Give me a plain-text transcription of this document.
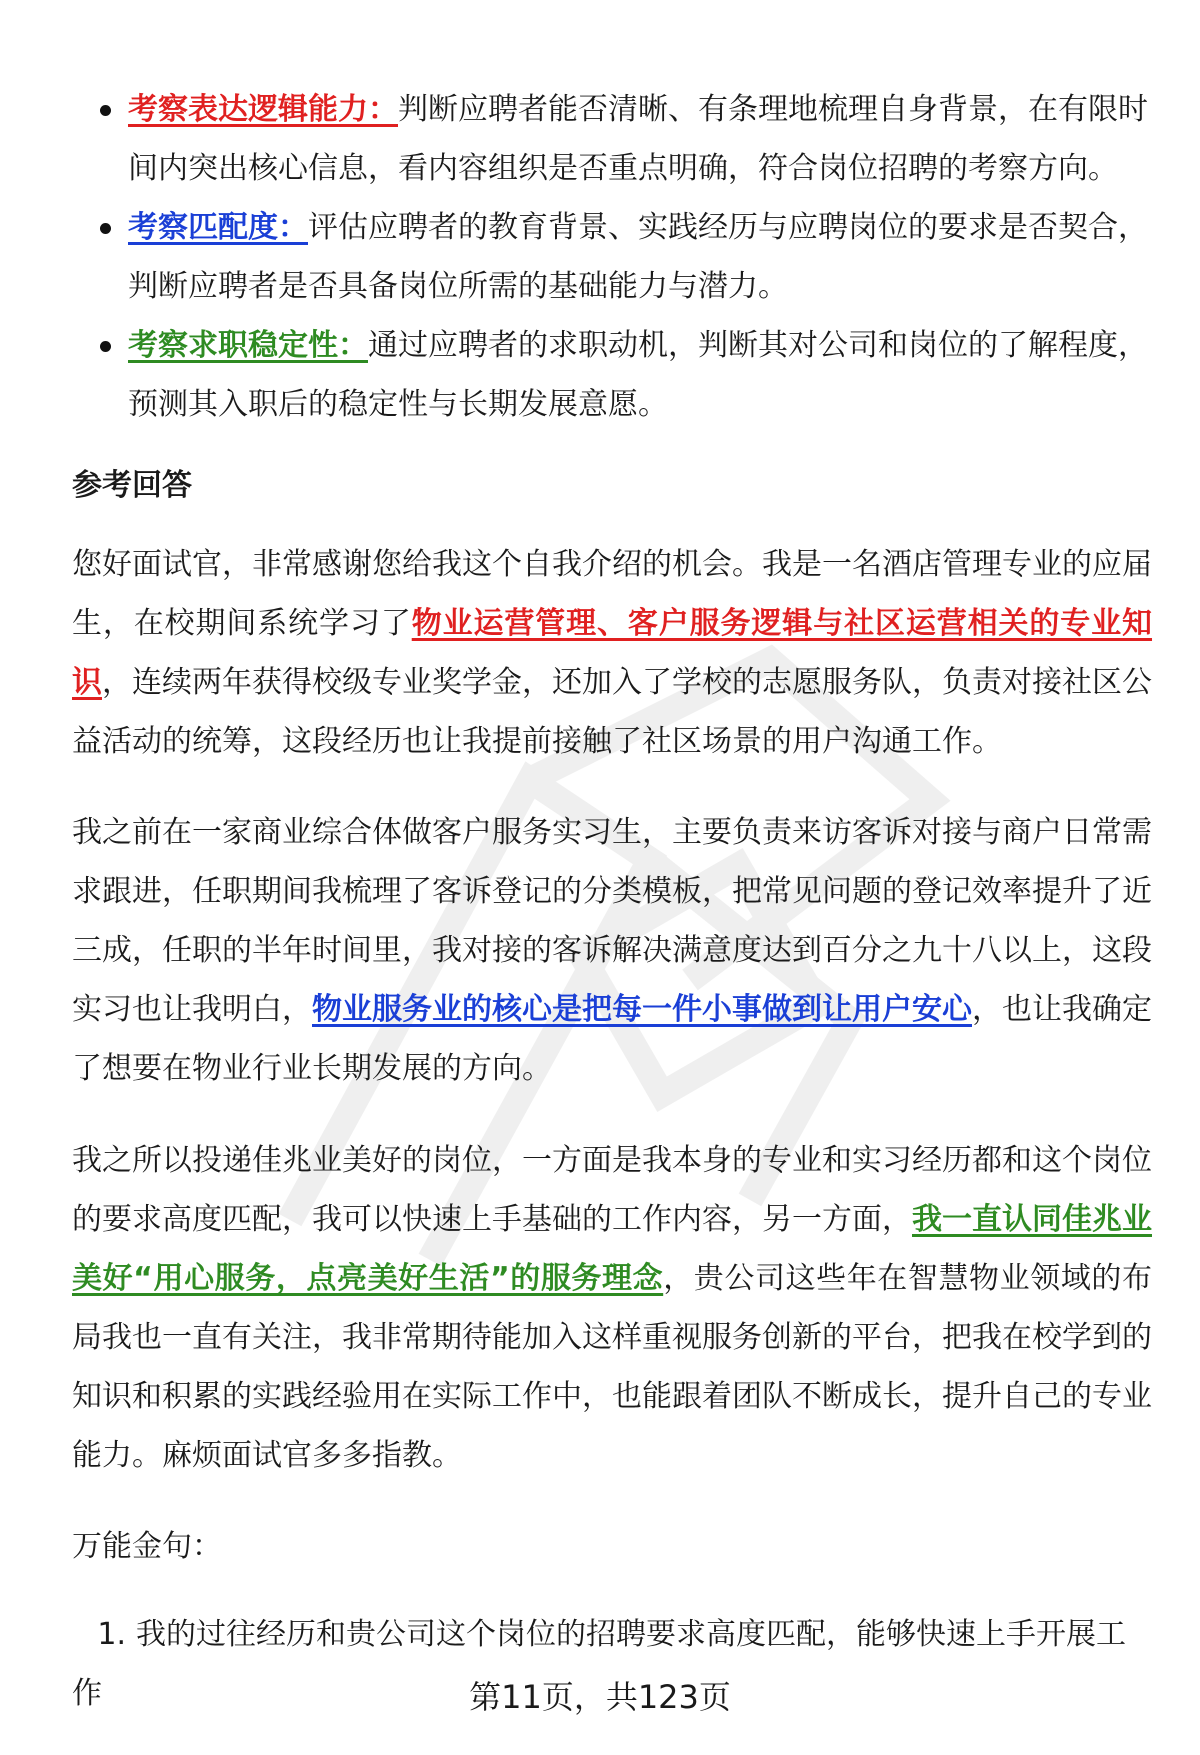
考察表达逻辑能力：判断应聘者能否清晰、有条理地梳理自身背景，在有限时间内突出核心信息，看内容组织是否重点明确，符合岗位招聘的考察方向。
考察匹配度：评估应聘者的教育背景、实践经历与应聘岗位的要求是否契合，判断应聘者是否具备岗位所需的基础能力与潜力。
考察求职稳定性：通过应聘者的求职动机，判断其对公司和岗位的了解程度，预测其入职后的稳定性与长期发展意愿。
参考回答

您好面试官，非常感谢您给我这个自我介绍的机会。我是一名酒店管理专业的应届生，在校期间系统学习了物业运营管理、客户服务逻辑与社区运营相关的专业知识，连续两年获得校级专业奖学金，还加入了学校的志愿服务队，负责对接社区公益活动的统筹，这段经历也让我提前接触了社区场景的用户沟通工作。

我之前在一家商业综合体做客户服务实习生，主要负责来访客诉对接与商户日常需求跟进，任职期间我梳理了客诉登记的分类模板，把常见问题的登记效率提升了近三成，任职的半年时间里，我对接的客诉解决满意度达到百分之九十八以上，这段实习也让我明白，物业服务业的核心是把每一件小事做到让用户安心，也让我确定了想要在物业行业长期发展的方向。

我之所以投递佳兆业美好的岗位，一方面是我本身的专业和实习经历都和这个岗位的要求高度匹配，我可以快速上手基础的工作内容，另一方面，我一直认同佳兆业美好“用心服务，点亮美好生活”的服务理念，贵公司这些年在智慧物业领域的布局我也一直有关注，我非常期待能加入这样重视服务创新的平台，把我在校学到的知识和积累的实践经验用在实际工作中，也能跟着团队不断成长，提升自己的专业能力。麻烦面试官多多指教。

万能金句：
1. 我的过往经历和贵公司这个岗位的招聘要求高度匹配，能够快速上手开展工作	第11页，共123页
